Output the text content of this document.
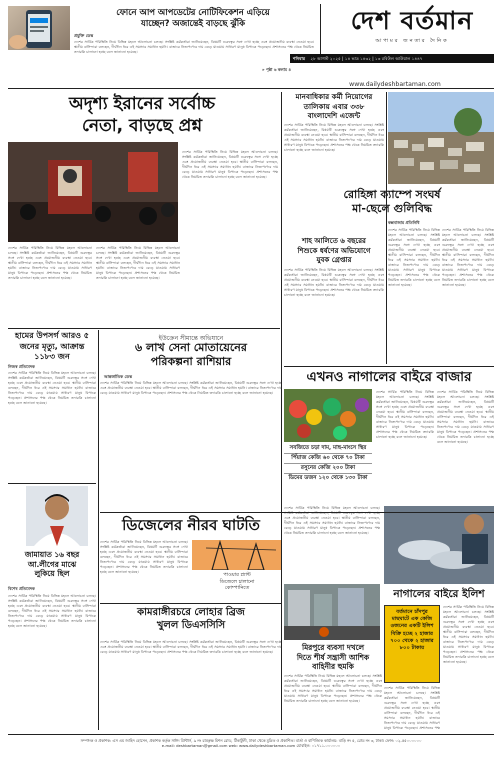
ফোনে আপ আপডেটের নোটিফিকেশন এড়িয়ে
যাচ্ছেন? অজান্তেই বাড়ছে ঝুঁকি
প্রযুক্তি ডেস্ক
দেশের সার্বিক পরিস্থিতি নিয়ে বিভিন্ন মহলে আলোচনা চলছে। সংশ্লিষ্ট কর্মকর্তারা জানিয়েছেন, বিষয়টি গুরুত্বের সঙ্গে দেখা হচ্ছে এবং প্রয়োজনীয় ব্যবস্থা নেওয়া হবে। স্থানীয় বাসিন্দারা বলছেন, দীর্ঘদিন ধরে এই সমস্যার সমাধান হয়নি। বাজারে নিত্যপণ্যের দাম বেড়ে যাওয়ায় সাধারণ মানুষ বিপাকে পড়েছেন। প্রশাসনের পক্ষ থেকে নিয়মিত তদারকি চালানো হচ্ছে বলে জানানো হয়েছে।
» পৃষ্ঠা ৬ কলাম ৪
দেশ বর্তমান
আপামর জনতার দৈনিক
শনিবার ২৮ আগস্ট ২০২৫ | ১৪ ভাদ্র ১৪৩২ | ১৩ রবিউল আউয়াল ১৪৪৭
www.dailydeshbartaman.com
অদৃশ্য ইরানের সর্বোচ্চ
নেতা, বাড়ছে প্রশ্ন
দেশের সার্বিক পরিস্থিতি নিয়ে বিভিন্ন মহলে আলোচনা চলছে। সংশ্লিষ্ট কর্মকর্তারা জানিয়েছেন, বিষয়টি গুরুত্বের সঙ্গে দেখা হচ্ছে এবং প্রয়োজনীয় ব্যবস্থা নেওয়া হবে। স্থানীয় বাসিন্দারা বলছেন, দীর্ঘদিন ধরে এই সমস্যার সমাধান হয়নি। বাজারে নিত্যপণ্যের দাম বেড়ে যাওয়ায় সাধারণ মানুষ বিপাকে পড়েছেন। প্রশাসনের পক্ষ থেকে নিয়মিত তদারকি চালানো হচ্ছে বলে জানানো হয়েছে।
দেশের সার্বিক পরিস্থিতি নিয়ে বিভিন্ন মহলে আলোচনা চলছে। সংশ্লিষ্ট কর্মকর্তারা জানিয়েছেন, বিষয়টি গুরুত্বের সঙ্গে দেখা হচ্ছে এবং প্রয়োজনীয় ব্যবস্থা নেওয়া হবে। স্থানীয় বাসিন্দারা বলছেন, দীর্ঘদিন ধরে এই সমস্যার সমাধান হয়নি। বাজারে নিত্যপণ্যের দাম বেড়ে যাওয়ায় সাধারণ মানুষ বিপাকে পড়েছেন। প্রশাসনের পক্ষ থেকে নিয়মিত তদারকি চালানো হচ্ছে বলে জানানো হয়েছে।
দেশের সার্বিক পরিস্থিতি নিয়ে বিভিন্ন মহলে আলোচনা চলছে। সংশ্লিষ্ট কর্মকর্তারা জানিয়েছেন, বিষয়টি গুরুত্বের সঙ্গে দেখা হচ্ছে এবং প্রয়োজনীয় ব্যবস্থা নেওয়া হবে। স্থানীয় বাসিন্দারা বলছেন, দীর্ঘদিন ধরে এই সমস্যার সমাধান হয়নি। বাজারে নিত্যপণ্যের দাম বেড়ে যাওয়ায় সাধারণ মানুষ বিপাকে পড়েছেন। প্রশাসনের পক্ষ থেকে নিয়মিত তদারকি চালানো হচ্ছে বলে জানানো হয়েছে।
হামের উপসর্গ আরও ৫ জনের মৃত্যু, আক্রান্ত ১১৮৩ জন
নিজস্ব প্রতিবেদক
দেশের সার্বিক পরিস্থিতি নিয়ে বিভিন্ন মহলে আলোচনা চলছে। সংশ্লিষ্ট কর্মকর্তারা জানিয়েছেন, বিষয়টি গুরুত্বের সঙ্গে দেখা হচ্ছে এবং প্রয়োজনীয় ব্যবস্থা নেওয়া হবে। স্থানীয় বাসিন্দারা বলছেন, দীর্ঘদিন ধরে এই সমস্যার সমাধান হয়নি। বাজারে নিত্যপণ্যের দাম বেড়ে যাওয়ায় সাধারণ মানুষ বিপাকে পড়েছেন। প্রশাসনের পক্ষ থেকে নিয়মিত তদারকি চালানো হচ্ছে বলে জানানো হয়েছে।
মানবাধিকার কর্মী নিয়োগের
তালিকায় এবার ৩৩৮
বাংলাদেশি এজেন্ট
দেশের সার্বিক পরিস্থিতি নিয়ে বিভিন্ন মহলে আলোচনা চলছে। সংশ্লিষ্ট কর্মকর্তারা জানিয়েছেন, বিষয়টি গুরুত্বের সঙ্গে দেখা হচ্ছে এবং প্রয়োজনীয় ব্যবস্থা নেওয়া হবে। স্থানীয় বাসিন্দারা বলছেন, দীর্ঘদিন ধরে এই সমস্যার সমাধান হয়নি। বাজারে নিত্যপণ্যের দাম বেড়ে যাওয়ায় সাধারণ মানুষ বিপাকে পড়েছেন। প্রশাসনের পক্ষ থেকে নিয়মিত তদারকি চালানো হচ্ছে বলে জানানো হয়েছে।
শাহ আলিতে ৬ বছরের
শিশুকে ধর্ষণের অভিযোগে
যুবক গ্রেপ্তার
দেশের সার্বিক পরিস্থিতি নিয়ে বিভিন্ন মহলে আলোচনা চলছে। সংশ্লিষ্ট কর্মকর্তারা জানিয়েছেন, বিষয়টি গুরুত্বের সঙ্গে দেখা হচ্ছে এবং প্রয়োজনীয় ব্যবস্থা নেওয়া হবে। স্থানীয় বাসিন্দারা বলছেন, দীর্ঘদিন ধরে এই সমস্যার সমাধান হয়নি। বাজারে নিত্যপণ্যের দাম বেড়ে যাওয়ায় সাধারণ মানুষ বিপাকে পড়েছেন। প্রশাসনের পক্ষ থেকে নিয়মিত তদারকি চালানো হচ্ছে বলে জানানো হয়েছে।
রোহিঙ্গা ক্যাম্পে সংঘর্ষ
মা-ছেলে গুলিবিদ্ধ
কক্সবাজার প্রতিনিধি
দেশের সার্বিক পরিস্থিতি নিয়ে বিভিন্ন মহলে আলোচনা চলছে। সংশ্লিষ্ট কর্মকর্তারা জানিয়েছেন, বিষয়টি গুরুত্বের সঙ্গে দেখা হচ্ছে এবং প্রয়োজনীয় ব্যবস্থা নেওয়া হবে। স্থানীয় বাসিন্দারা বলছেন, দীর্ঘদিন ধরে এই সমস্যার সমাধান হয়নি। বাজারে নিত্যপণ্যের দাম বেড়ে যাওয়ায় সাধারণ মানুষ বিপাকে পড়েছেন। প্রশাসনের পক্ষ থেকে নিয়মিত তদারকি চালানো হচ্ছে বলে জানানো হয়েছে।
দেশের সার্বিক পরিস্থিতি নিয়ে বিভিন্ন মহলে আলোচনা চলছে। সংশ্লিষ্ট কর্মকর্তারা জানিয়েছেন, বিষয়টি গুরুত্বের সঙ্গে দেখা হচ্ছে এবং প্রয়োজনীয় ব্যবস্থা নেওয়া হবে। স্থানীয় বাসিন্দারা বলছেন, দীর্ঘদিন ধরে এই সমস্যার সমাধান হয়নি। বাজারে নিত্যপণ্যের দাম বেড়ে যাওয়ায় সাধারণ মানুষ বিপাকে পড়েছেন। প্রশাসনের পক্ষ থেকে নিয়মিত তদারকি চালানো হচ্ছে বলে জানানো হয়েছে।
ইউক্রেন সীমান্তে অভিযানে
৬ লাখ সেনা মোতায়েনের
পরিকল্পনা রাশিয়ার
আন্তর্জাতিক ডেস্ক
দেশের সার্বিক পরিস্থিতি নিয়ে বিভিন্ন মহলে আলোচনা চলছে। সংশ্লিষ্ট কর্মকর্তারা জানিয়েছেন, বিষয়টি গুরুত্বের সঙ্গে দেখা হচ্ছে এবং প্রয়োজনীয় ব্যবস্থা নেওয়া হবে। স্থানীয় বাসিন্দারা বলছেন, দীর্ঘদিন ধরে এই সমস্যার সমাধান হয়নি। বাজারে নিত্যপণ্যের দাম বেড়ে যাওয়ায় সাধারণ মানুষ বিপাকে পড়েছেন। প্রশাসনের পক্ষ থেকে নিয়মিত তদারকি চালানো হচ্ছে বলে জানানো হয়েছে।
এখনও নাগালের বাইরে বাজার
সবজিতে চড়া দাম, মাছ-মাংসে স্থির
পিঁয়াজ কেজি ৬০ থেকে ৭০ টাকা
রসুনের কেজি ২০০ টাকা
ডিমের ডজন ১২০ থেকে ১৩০ টাকা
দেশের সার্বিক পরিস্থিতি নিয়ে বিভিন্ন মহলে আলোচনা চলছে। সংশ্লিষ্ট কর্মকর্তারা জানিয়েছেন, বিষয়টি গুরুত্বের সঙ্গে দেখা হচ্ছে এবং প্রয়োজনীয় ব্যবস্থা নেওয়া হবে। স্থানীয় বাসিন্দারা বলছেন, দীর্ঘদিন ধরে এই সমস্যার সমাধান হয়নি। বাজারে নিত্যপণ্যের দাম বেড়ে যাওয়ায় সাধারণ মানুষ বিপাকে পড়েছেন। প্রশাসনের পক্ষ থেকে নিয়মিত তদারকি চালানো হচ্ছে বলে জানানো হয়েছে।
দেশের সার্বিক পরিস্থিতি নিয়ে বিভিন্ন মহলে আলোচনা চলছে। সংশ্লিষ্ট কর্মকর্তারা জানিয়েছেন, বিষয়টি গুরুত্বের সঙ্গে দেখা হচ্ছে এবং প্রয়োজনীয় ব্যবস্থা নেওয়া হবে। স্থানীয় বাসিন্দারা বলছেন, দীর্ঘদিন ধরে এই সমস্যার সমাধান হয়নি। বাজারে নিত্যপণ্যের দাম বেড়ে যাওয়ায় সাধারণ মানুষ বিপাকে পড়েছেন। প্রশাসনের পক্ষ থেকে নিয়মিত তদারকি চালানো হচ্ছে বলে জানানো হয়েছে।
ডিজেলের নীরব ঘাটতি
দেশের সার্বিক পরিস্থিতি নিয়ে বিভিন্ন মহলে আলোচনা চলছে। সংশ্লিষ্ট কর্মকর্তারা জানিয়েছেন, বিষয়টি গুরুত্বের সঙ্গে দেখা হচ্ছে এবং প্রয়োজনীয় ব্যবস্থা নেওয়া হবে। স্থানীয় বাসিন্দারা বলছেন, দীর্ঘদিন ধরে এই সমস্যার সমাধান হয়নি। বাজারে নিত্যপণ্যের দাম বেড়ে যাওয়ায় সাধারণ মানুষ বিপাকে পড়েছেন। প্রশাসনের পক্ষ থেকে নিয়মিত তদারকি চালানো হচ্ছে বলে জানানো হয়েছে।	পাওয়ার প্ল্যান্ট
ডিজেলে চালানো
কোম্পানিতে
জামায়াত ১৬ বছর
আ.লীগের মাঝে
লুকিয়ে ছিল
বিশেষ প্রতিবেদক
দেশের সার্বিক পরিস্থিতি নিয়ে বিভিন্ন মহলে আলোচনা চলছে। সংশ্লিষ্ট কর্মকর্তারা জানিয়েছেন, বিষয়টি গুরুত্বের সঙ্গে দেখা হচ্ছে এবং প্রয়োজনীয় ব্যবস্থা নেওয়া হবে। স্থানীয় বাসিন্দারা বলছেন, দীর্ঘদিন ধরে এই সমস্যার সমাধান হয়নি। বাজারে নিত্যপণ্যের দাম বেড়ে যাওয়ায় সাধারণ মানুষ বিপাকে পড়েছেন। প্রশাসনের পক্ষ থেকে নিয়মিত তদারকি চালানো হচ্ছে বলে জানানো হয়েছে।
কামরাঙ্গীরচরে লোহার ব্রিজ
খুলল ডিএসসিসি
দেশের সার্বিক পরিস্থিতি নিয়ে বিভিন্ন মহলে আলোচনা চলছে। সংশ্লিষ্ট কর্মকর্তারা জানিয়েছেন, বিষয়টি গুরুত্বের সঙ্গে দেখা হচ্ছে এবং প্রয়োজনীয় ব্যবস্থা নেওয়া হবে। স্থানীয় বাসিন্দারা বলছেন, দীর্ঘদিন ধরে এই সমস্যার সমাধান হয়নি। বাজারে নিত্যপণ্যের দাম বেড়ে যাওয়ায় সাধারণ মানুষ বিপাকে পড়েছেন। প্রশাসনের পক্ষ থেকে নিয়মিত তদারকি চালানো হচ্ছে বলে জানানো হয়েছে।
দেশের সার্বিক পরিস্থিতি নিয়ে বিভিন্ন মহলে আলোচনা চলছে। সংশ্লিষ্ট কর্মকর্তারা জানিয়েছেন, বিষয়টি গুরুত্বের সঙ্গে দেখা হচ্ছে এবং প্রয়োজনীয় ব্যবস্থা নেওয়া হবে। স্থানীয় বাসিন্দারা বলছেন, দীর্ঘদিন ধরে এই সমস্যার সমাধান হয়নি। বাজারে নিত্যপণ্যের দাম বেড়ে যাওয়ায় সাধারণ মানুষ বিপাকে পড়েছেন। প্রশাসনের পক্ষ থেকে নিয়মিত তদারকি চালানো হচ্ছে বলে জানানো হয়েছে।
মিরপুরে ব্যবসা দখলে
দিতে শীর্ষ সন্ত্রাসী আশিক
বাহিনীর হুমকি
দেশের সার্বিক পরিস্থিতি নিয়ে বিভিন্ন মহলে আলোচনা চলছে। সংশ্লিষ্ট কর্মকর্তারা জানিয়েছেন, বিষয়টি গুরুত্বের সঙ্গে দেখা হচ্ছে এবং প্রয়োজনীয় ব্যবস্থা নেওয়া হবে। স্থানীয় বাসিন্দারা বলছেন, দীর্ঘদিন ধরে এই সমস্যার সমাধান হয়নি। বাজারে নিত্যপণ্যের দাম বেড়ে যাওয়ায় সাধারণ মানুষ বিপাকে পড়েছেন। প্রশাসনের পক্ষ থেকে নিয়মিত তদারকি চালানো হচ্ছে বলে জানানো হয়েছে।
নাগালের বাইরে ইলিশ
বর্তমানে চাঁদপুর
মাছঘাটে এক কেজি
ওজনের একটি ইলিশ
বিক্রি হচ্ছে ২ হাজার
৭০০ থেকে ২ হাজার
৮০০ টাকায়
দেশের সার্বিক পরিস্থিতি নিয়ে বিভিন্ন মহলে আলোচনা চলছে। সংশ্লিষ্ট কর্মকর্তারা জানিয়েছেন, বিষয়টি গুরুত্বের সঙ্গে দেখা হচ্ছে এবং প্রয়োজনীয় ব্যবস্থা নেওয়া হবে। স্থানীয় বাসিন্দারা বলছেন, দীর্ঘদিন ধরে এই সমস্যার সমাধান হয়নি। বাজারে নিত্যপণ্যের দাম বেড়ে যাওয়ায় সাধারণ মানুষ বিপাকে পড়েছেন। প্রশাসনের পক্ষ থেকে নিয়মিত তদারকি চালানো হচ্ছে বলে জানানো হয়েছে।
দেশের সার্বিক পরিস্থিতি নিয়ে বিভিন্ন মহলে আলোচনা চলছে। সংশ্লিষ্ট কর্মকর্তারা জানিয়েছেন, বিষয়টি গুরুত্বের সঙ্গে দেখা হচ্ছে এবং প্রয়োজনীয় ব্যবস্থা নেওয়া হবে। স্থানীয় বাসিন্দারা বলছেন, দীর্ঘদিন ধরে এই সমস্যার সমাধান হয়নি। বাজারে নিত্যপণ্যের দাম বেড়ে যাওয়ায় সাধারণ মানুষ বিপাকে পড়েছেন। প্রশাসনের পক্ষ
সম্পাদক ও প্রকাশক: এস এম জাহিদ হোসেন, প্রকাশক কর্তৃক সাঈদ প্রিন্টার্স, ৯ নং রামকৃষ্ণ মিশন রোড, টিকাটুলী, ঢাকা থেকে মুদ্রিত ও প্রকাশিত। বার্তা ও বাণিজ্যিক কার্যালয়: বাড়ি নং ৫, রোড নং ৩, ঢাকা। ফোন: ০২-৫৫০০০০০০
e-mail: deshbartaman@gmail.com web: www.dailydeshbartaman.com মোবাইল: ০১৭১১-০০০০০০
